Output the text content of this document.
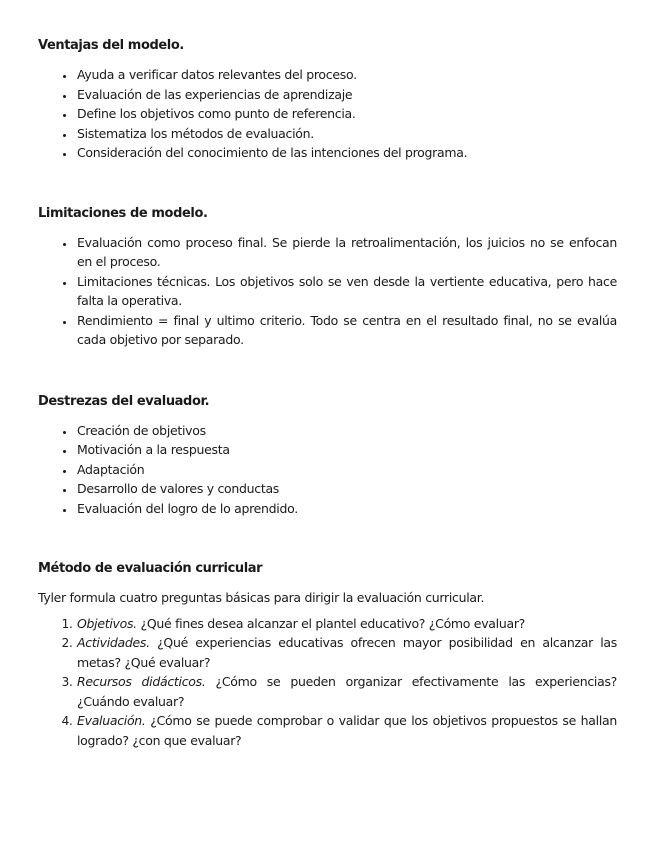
Ventajas del modelo.
• Ayuda a verificar datos relevantes del proceso.
• Evaluación de las experiencias de aprendizaje
• Define los objetivos como punto de referencia.
• Sistematiza los métodos de evaluación.
• Consideración del conocimiento de las intenciones del programa.
Limitaciones de modelo.
• Evaluación como proceso final. Se pierde la retroalimentación, los juicios no se enfocan en el proceso.
• Limitaciones técnicas. Los objetivos solo se ven desde la vertiente educativa, pero hace falta la operativa.
• Rendimiento = final y ultimo criterio. Todo se centra en el resultado final, no se evalúa cada objetivo por separado.
Destrezas del evaluador.
• Creación de objetivos
• Motivación a la respuesta
• Adaptación
• Desarrollo de valores y conductas
• Evaluación del logro de lo aprendido.
Método de evaluación curricular

Tyler formula cuatro preguntas básicas para dirigir la evaluación curricular.

1. Objetivos. ¿Qué fines desea alcanzar el plantel educativo? ¿Cómo evaluar?
2. Actividades. ¿Qué experiencias educativas ofrecen mayor posibilidad en alcanzar las metas? ¿Qué evaluar?
3. Recursos didácticos. ¿Cómo se pueden organizar efectivamente las experiencias? ¿Cuándo evaluar?
4. Evaluación. ¿Cómo se puede comprobar o validar que los objetivos propuestos se hallan logrado? ¿con que evaluar?
